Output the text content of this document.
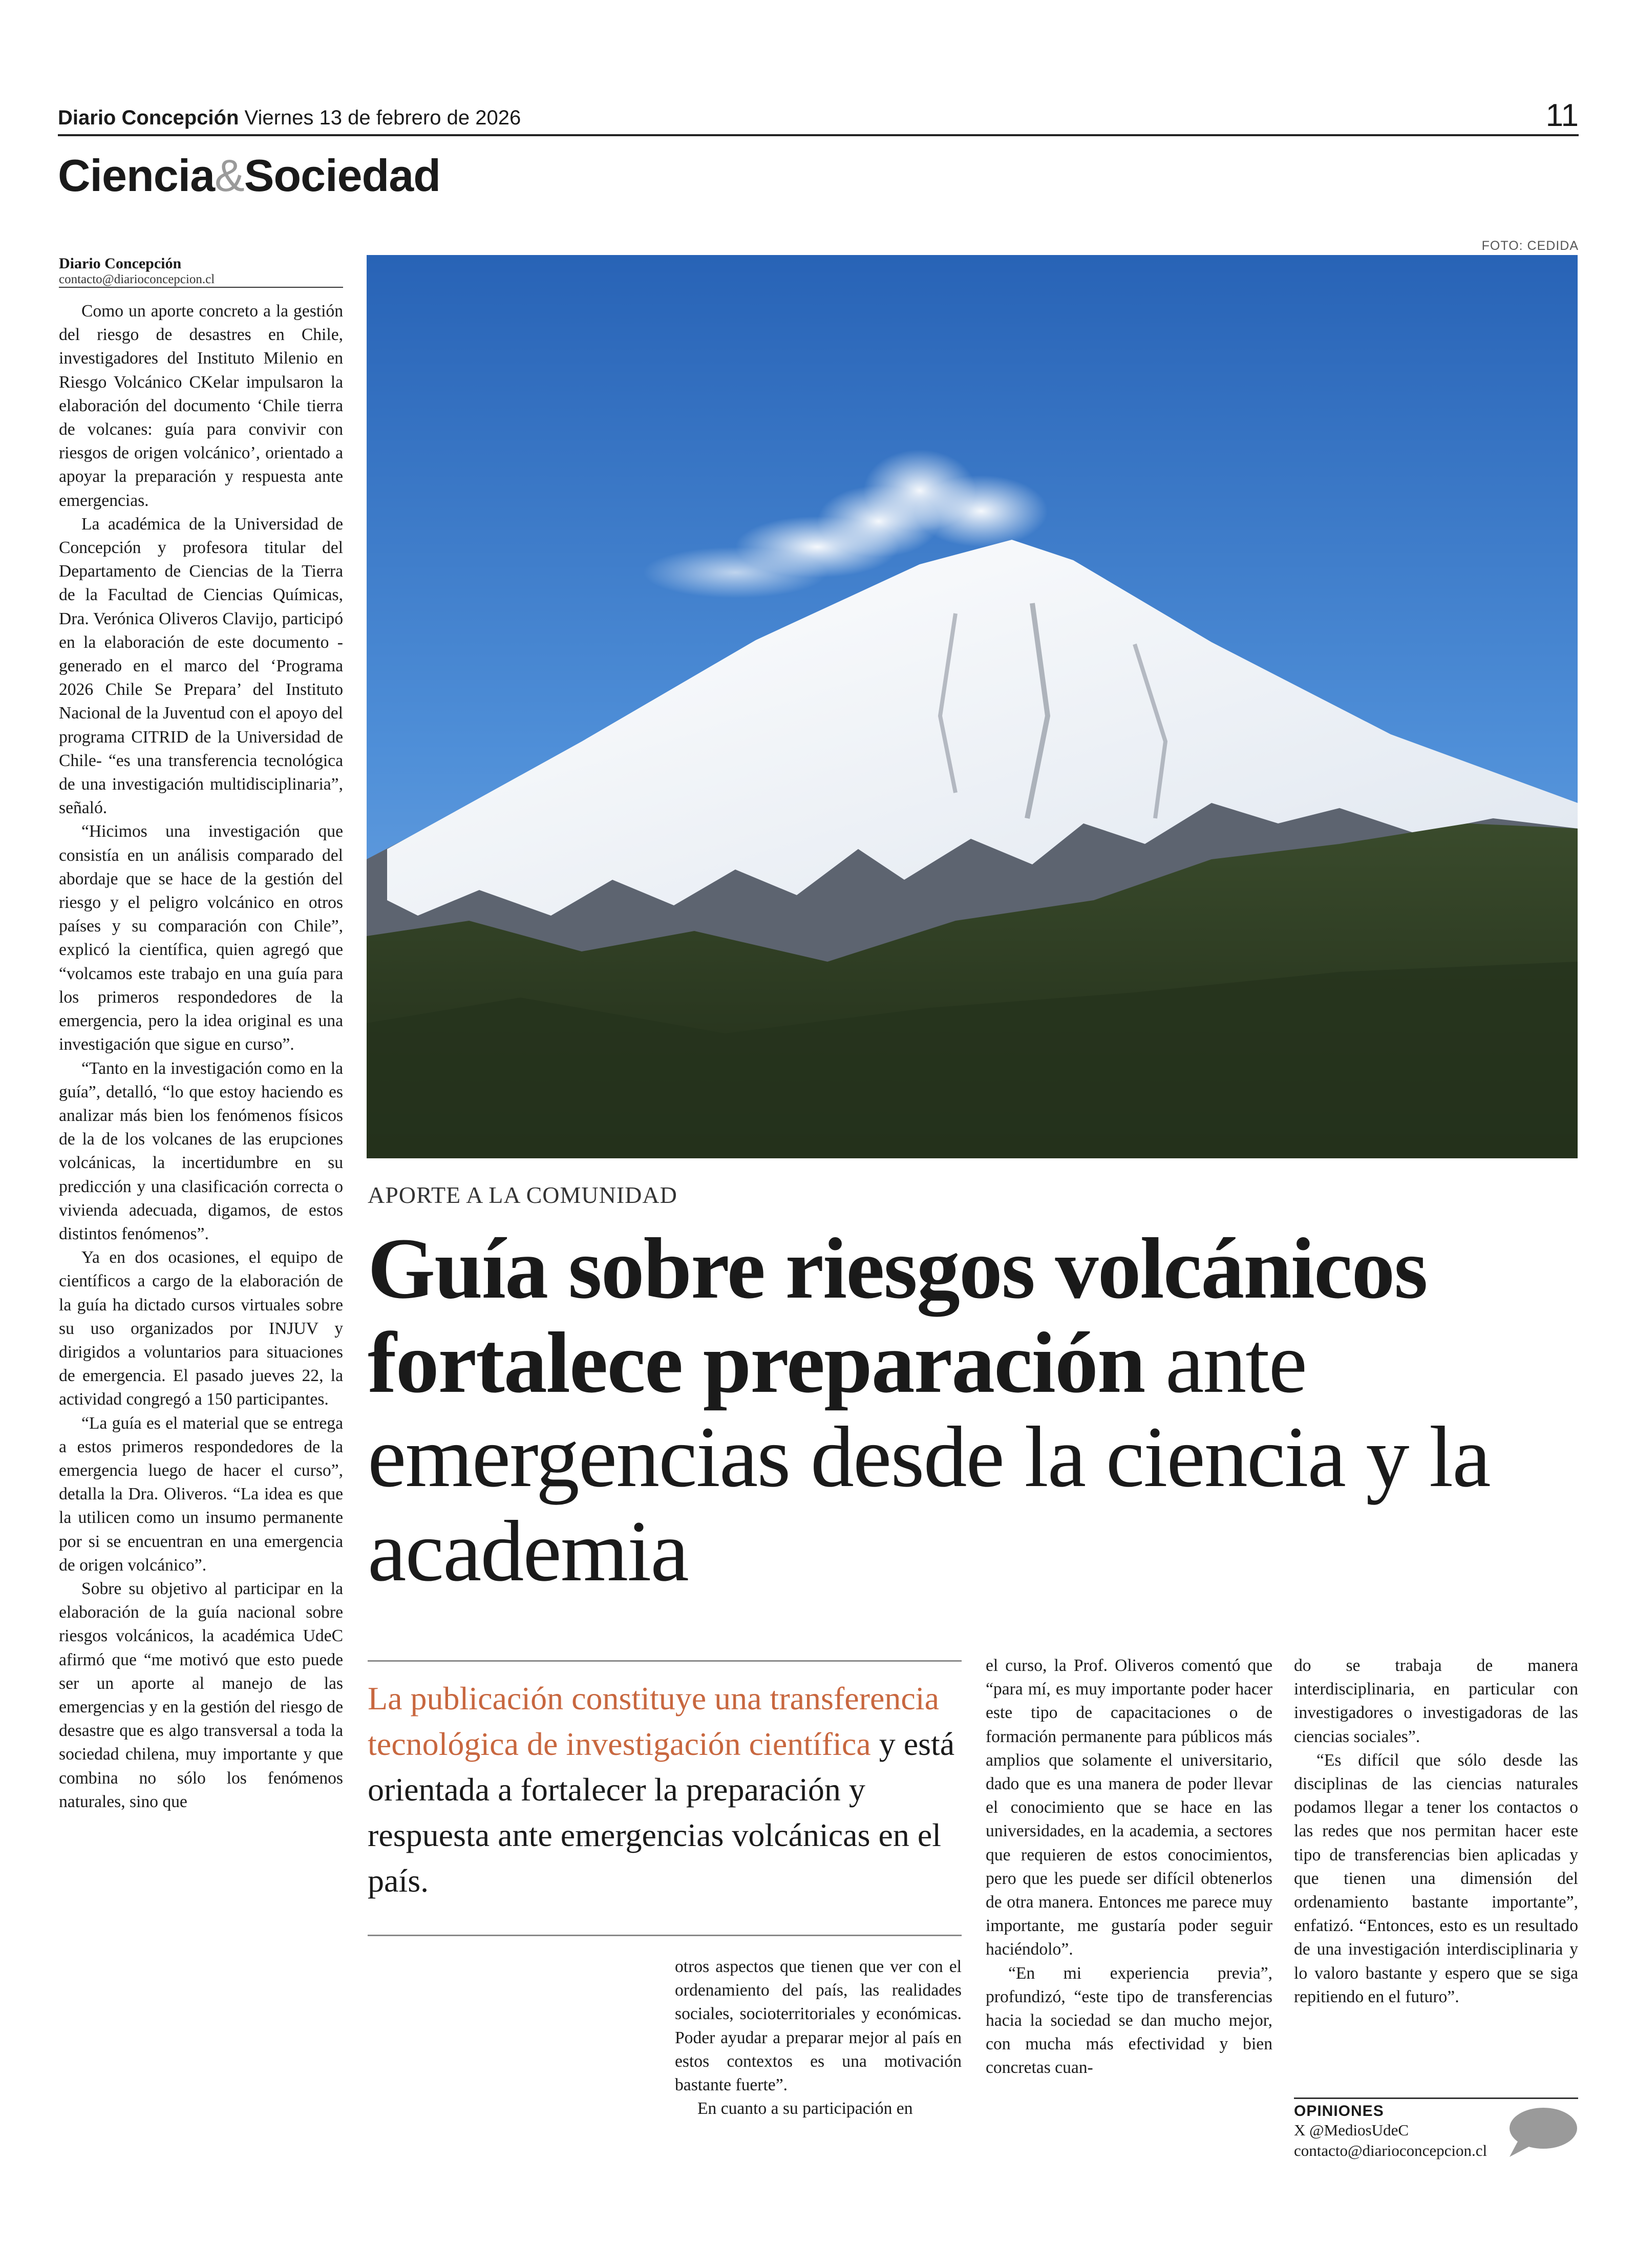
Diario Concepción Viernes 13 de febrero de 2026	11
Ciencia&Sociedad
Diario Concepción
contacto@diarioconcepcion.cl

Como un aporte concreto a la gestión del riesgo de desastres en Chile, investigadores del Instituto Milenio en Riesgo Volcánico CKelar impulsaron la elaboración del documento ‘Chile tierra de volcanes: guía para convivir con riesgos de origen volcánico’, orientado a apoyar la preparación y respuesta ante emergencias.

La académica de la Universidad de Concepción y profesora titular del Departamento de Ciencias de la Tierra de la Facultad de Ciencias Químicas, Dra. Verónica Oliveros Clavijo, participó en la elaboración de este documento -generado en el marco del ‘Programa 2026 Chile Se Prepara’ del Instituto Nacional de la Juventud con el apoyo del programa CITRID de la Universidad de Chile- “es una transferencia tecnológica de una investigación multidisciplinaria”, señaló.

“Hicimos una investigación que consistía en un análisis comparado del abordaje que se hace de la gestión del riesgo y el peligro volcánico en otros países y su comparación con Chile”, explicó la científica, quien agregó que “volcamos este trabajo en una guía para los primeros respondedores de la emergencia, pero la idea original es una investigación que sigue en curso”.

“Tanto en la investigación como en la guía”, detalló, “lo que estoy haciendo es analizar más bien los fenómenos físicos de la de los volcanes de las erupciones volcánicas, la incertidumbre en su predicción y una clasificación correcta o vivienda adecuada, digamos, de estos distintos fenómenos”.

Ya en dos ocasiones, el equipo de científicos a cargo de la elaboración de la guía ha dictado cursos virtuales sobre su uso organizados por INJUV y dirigidos a voluntarios para situaciones de emergencia. El pasado jueves 22, la actividad congregó a 150 participantes.

“La guía es el material que se entrega a estos primeros respondedores de la emergencia luego de hacer el curso”, detalla la Dra. Oliveros. “La idea es que la utilicen como un insumo permanente por si se encuentran en una emergencia de origen volcánico”.

Sobre su objetivo al participar en la elaboración de la guía nacional sobre riesgos volcánicos, la académica UdeC afirmó que “me motivó que esto puede ser un aporte al manejo de las emergencias y en la gestión del riesgo de desastre que es algo transversal a toda la sociedad chilena, muy importante y que combina no sólo los fenómenos naturales, sino que

FOTO: CEDIDA
APORTE A LA COMUNIDAD
Guía sobre riesgos volcánicos fortalece preparación ante emergencias desde la ciencia y la academia
La publicación constituye una transferencia tecnológica de investigación científica y está orientada a fortalecer la preparación y respuesta ante emergencias volcánicas en el país.

otros aspectos que tienen que ver con el ordenamiento del país, las realidades sociales, socioterritoriales y económicas. Poder ayudar a preparar mejor al país en estos contextos es una motivación bastante fuerte”.

En cuanto a su participación en

el curso, la Prof. Oliveros comentó que “para mí, es muy importante poder hacer este tipo de capacitaciones o de formación permanente para públicos más amplios que solamente el universitario, dado que es una manera de poder llevar el conocimiento que se hace en las universidades, en la academia, a sectores que requieren de estos conocimientos, pero que les puede ser difícil obtenerlos de otra manera. Entonces me parece muy importante, me gustaría poder seguir haciéndolo”.

“En mi experiencia previa”, profundizó, “este tipo de transferencias hacia la sociedad se dan mucho mejor, con mucha más efectividad y bien concretas cuan-

do se trabaja de manera interdisciplinaria, en particular con investigadores o investigadoras de las ciencias sociales”.

“Es difícil que sólo desde las disciplinas de las ciencias naturales podamos llegar a tener los contactos o las redes que nos permitan hacer este tipo de transferencias bien aplicadas y que tienen una dimensión del ordenamiento bastante importante”, enfatizó. “Entonces, esto es un resultado de una investigación interdisciplinaria y lo valoro bastante y espero que se siga repitiendo en el futuro”.

OPINIONES
X @MediosUdeC
contacto@diarioconcepcion.cl
